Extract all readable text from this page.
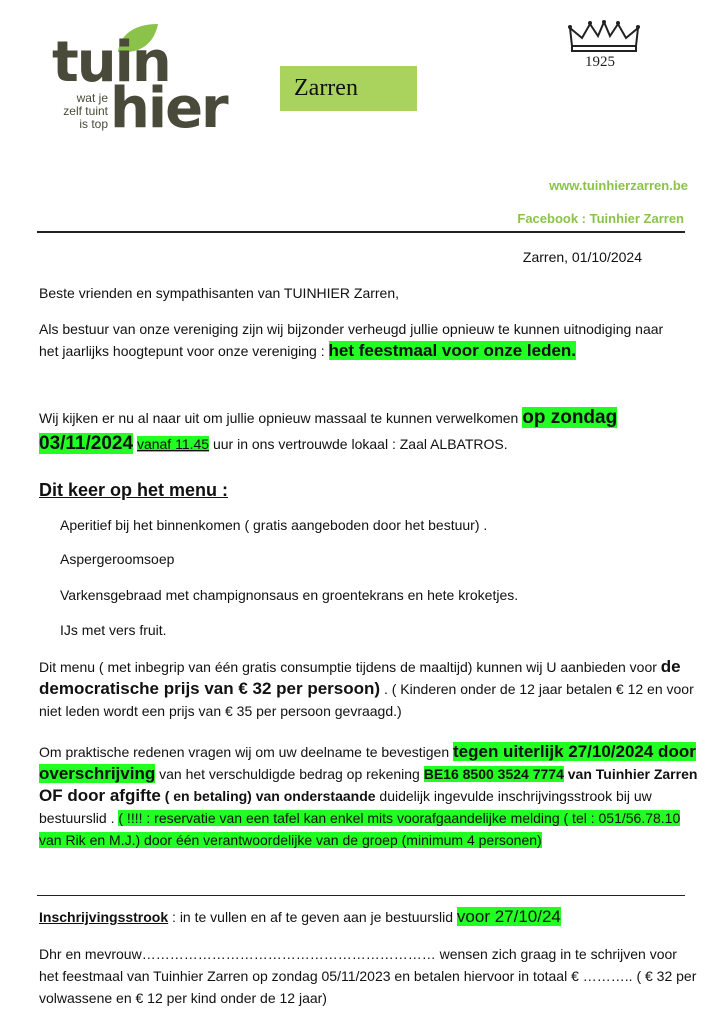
tuin
hier
wat je
zelf tuint
is top
Zarren
1925
www.tuinhierzarren.be
Facebook : Tuinhier Zarren
Zarren, 01/10/2024
Beste vrienden en sympathisanten van TUINHIER Zarren,

Als bestuur van onze vereniging zijn wij bijzonder verheugd jullie opnieuw te kunnen uitnodiging naar het jaarlijks hoogtepunt voor onze vereniging : het feestmaal voor onze leden.

Wij kijken er nu al naar uit om jullie opnieuw massaal te kunnen verwelkomen op zondag 03/11/2024 vanaf 11.45 uur in ons vertrouwde lokaal : Zaal ALBATROS.

Dit keer op het menu :
Aperitief bij het binnenkomen ( gratis aangeboden door het bestuur) .
Aspergeroomsoep
Varkensgebraad met champignonsaus en groentekrans en hete kroketjes.
IJs met vers fruit.

Dit menu ( met inbegrip van één gratis consumptie tijdens de maaltijd) kunnen wij U aanbieden voor de democratische prijs van € 32 per persoon) . ( Kinderen onder de 12 jaar betalen € 12 en voor niet leden wordt een prijs van € 35 per persoon gevraagd.)

Om praktische redenen vragen wij om uw deelname te bevestigen tegen uiterlijk 27/10/2024 door overschrijving van het verschuldigde bedrag op rekening BE16 8500 3524 7774 van Tuinhier Zarren OF door afgifte ( en betaling) van onderstaande duidelijk ingevulde inschrijvingsstrook bij uw bestuurslid . ( !!!! : reservatie van een tafel kan enkel mits voorafgaandelijke melding ( tel : 051/56.78.10 van Rik en M.J.) door één verantwoordelijke van de groep (minimum 4 personen)

Inschrijvingsstrook : in te vullen en af te geven aan je bestuurslid voor 27/10/24

Dhr en mevrouw……………………………………………………… wensen zich graag in te schrijven voor het feestmaal van Tuinhier Zarren op zondag 05/11/2023 en betalen hiervoor in totaal € ……….. ( € 32 per volwassene en € 12 per kind onder de 12 jaar)
